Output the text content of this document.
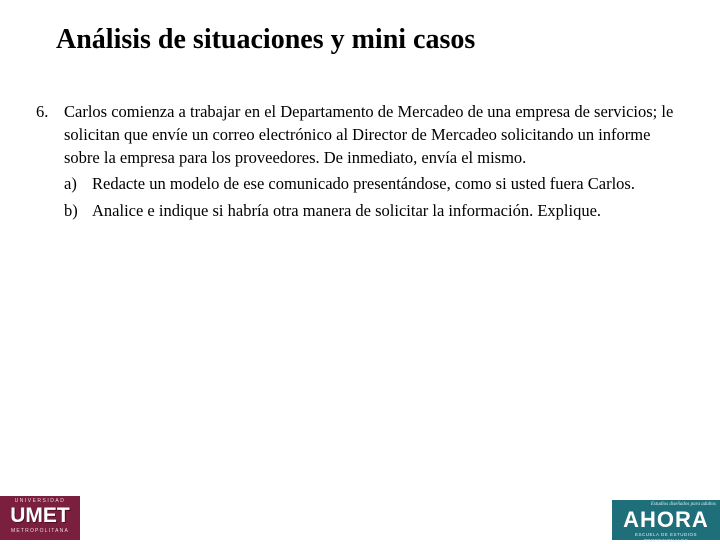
Análisis de situaciones y mini casos
6. Carlos comienza a trabajar en el Departamento de Mercadeo de una empresa de servicios; le solicitan que envíe un correo electrónico al Director de Mercadeo solicitando un informe sobre la empresa para los proveedores. De inmediato, envía el mismo.
a) Redacte un modelo de ese comunicado presentándose, como si usted fuera Carlos.
b) Analice e indique si habría otra manera de solicitar la información. Explique.
UNIVERSIDAD
UMET
METROPOLITANA
Estudios diseñados para adultos
AHORA
ESCUELA DE ESTUDIOS PROFESIONALES
